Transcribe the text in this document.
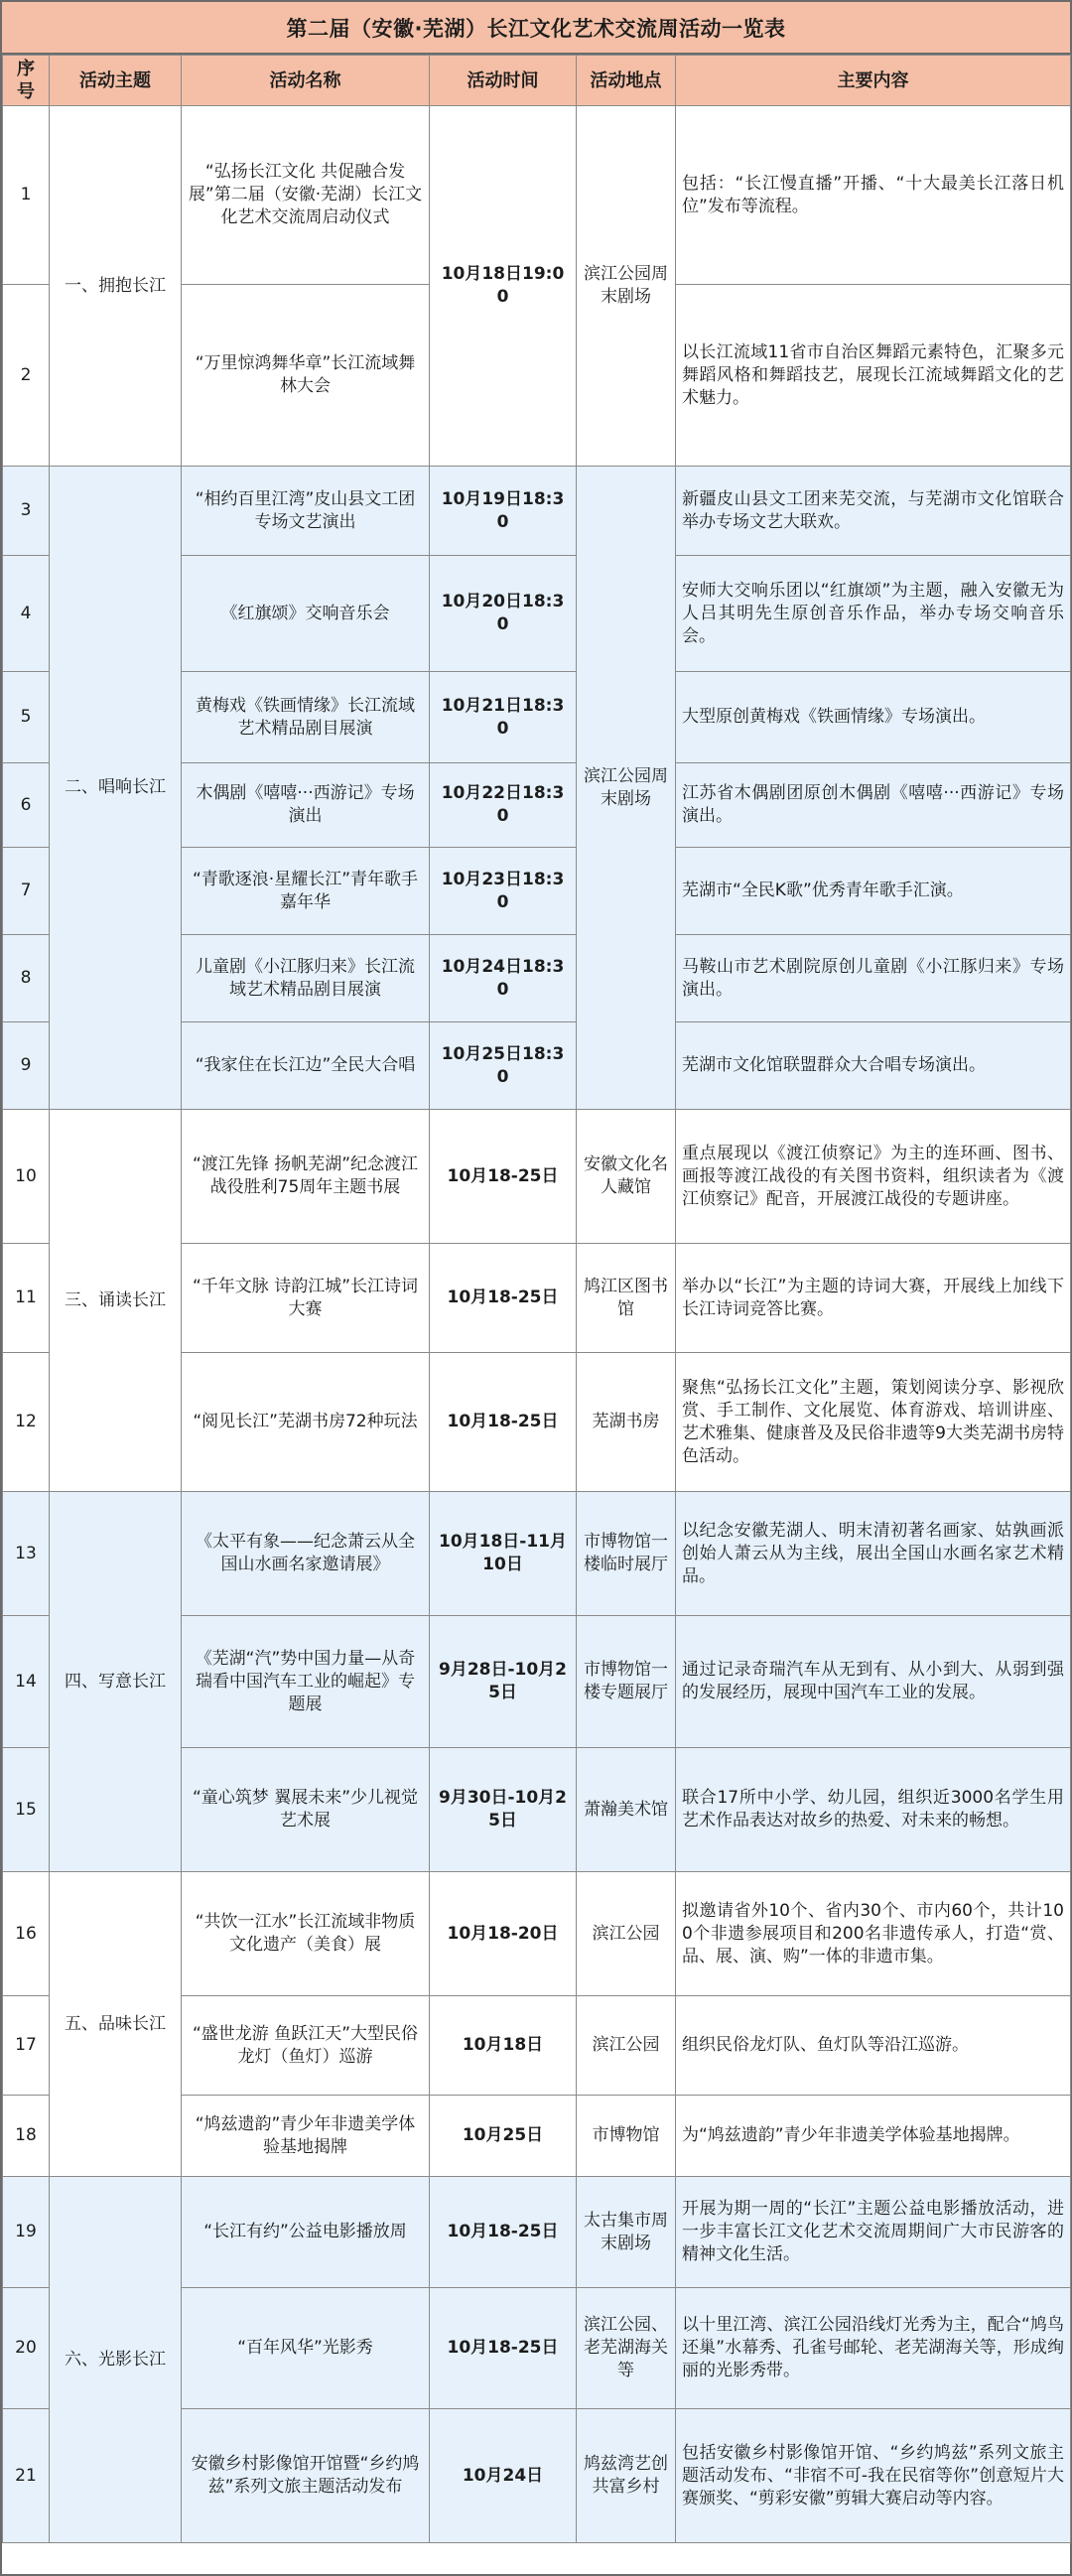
第二届（安徽·芜湖）长江文化艺术交流周活动一览表
序号	活动主题	活动名称	活动时间	活动地点	主要内容
1	一、拥抱长江	“弘扬长江文化 共促融合发展”第二届（安徽·芜湖）长江文化艺术交流周启动仪式	10月18日19:00	滨江公园周末剧场	包括：“长江慢直播”开播、“十大最美长江落日机位”发布等流程。
2		“万里惊鸿舞华章”长江流域舞林大会			以长江流域11省市自治区舞蹈元素特色，汇聚多元舞蹈风格和舞蹈技艺，展现长江流域舞蹈文化的艺术魅力。
3	二、唱响长江	“相约百里江湾”皮山县文工团专场文艺演出	10月19日18:30	滨江公园周末剧场	新疆皮山县文工团来芜交流，与芜湖市文化馆联合举办专场文艺大联欢。
4		《红旗颂》交响音乐会	10月20日18:30		安师大交响乐团以“红旗颂”为主题，融入安徽无为人吕其明先生原创音乐作品，举办专场交响音乐会。
5		黄梅戏《铁画情缘》长江流域艺术精品剧目展演	10月21日18:30		大型原创黄梅戏《铁画情缘》专场演出。
6		木偶剧《嘻嘻···西游记》专场演出	10月22日18:30		江苏省木偶剧团原创木偶剧《嘻嘻···西游记》专场演出。
7		“青歌逐浪·星耀长江”青年歌手嘉年华	10月23日18:30		芜湖市“全民K歌”优秀青年歌手汇演。
8		儿童剧《小江豚归来》长江流域艺术精品剧目展演	10月24日18:30		马鞍山市艺术剧院原创儿童剧《小江豚归来》专场演出。
9		“我家住在长江边”全民大合唱	10月25日18:30		芜湖市文化馆联盟群众大合唱专场演出。
10	三、诵读长江	“渡江先锋 扬帆芜湖”纪念渡江战役胜利75周年主题书展	10月18-25日	安徽文化名人藏馆	重点展现以《渡江侦察记》为主的连环画、图书、画报等渡江战役的有关图书资料，组织读者为《渡江侦察记》配音，开展渡江战役的专题讲座。
11		“千年文脉 诗韵江城”长江诗词大赛	10月18-25日	鸠江区图书馆	举办以“长江”为主题的诗词大赛，开展线上加线下长江诗词竞答比赛。
12		“阅见长江”芜湖书房72种玩法	10月18-25日	芜湖书房	聚焦“弘扬长江文化”主题，策划阅读分享、影视欣赏、手工制作、文化展览、体育游戏、培训讲座、艺术雅集、健康普及及民俗非遗等9大类芜湖书房特色活动。
13	四、写意长江	《太平有象——纪念萧云从全国山水画名家邀请展》	10月18日-11月10日	市博物馆一楼临时展厅	以纪念安徽芜湖人、明末清初著名画家、姑孰画派创始人萧云从为主线，展出全国山水画名家艺术精品。
14		《芜湖“汽”势中国力量—从奇瑞看中国汽车工业的崛起》专题展	9月28日-10月25日	市博物馆一楼专题展厅	通过记录奇瑞汽车从无到有、从小到大、从弱到强的发展经历，展现中国汽车工业的发展。
15		“童心筑梦 翼展未来”少儿视觉艺术展	9月30日-10月25日	萧瀚美术馆	联合17所中小学、幼儿园，组织近3000名学生用艺术作品表达对故乡的热爱、对未来的畅想。
16	五、品味长江	“共饮一江水”长江流域非物质文化遗产（美食）展	10月18-20日	滨江公园	拟邀请省外10个、省内30个、市内60个，共计100个非遗参展项目和200名非遗传承人，打造“赏、品、展、演、购”一体的非遗市集。
17		“盛世龙游 鱼跃江天”大型民俗龙灯（鱼灯）巡游	10月18日	滨江公园	组织民俗龙灯队、鱼灯队等沿江巡游。
18		“鸠兹遗韵”青少年非遗美学体验基地揭牌	10月25日	市博物馆	为“鸠兹遗韵”青少年非遗美学体验基地揭牌。
19	六、光影长江	“长江有约”公益电影播放周	10月18-25日	太古集市周末剧场	开展为期一周的“长江”主题公益电影播放活动，进一步丰富长江文化艺术交流周期间广大市民游客的精神文化生活。
20		“百年风华”光影秀	10月18-25日	滨江公园、老芜湖海关等	以十里江湾、滨江公园沿线灯光秀为主，配合“鸠鸟还巢”水幕秀、孔雀号邮轮、老芜湖海关等，形成绚丽的光影秀带。
21		安徽乡村影像馆开馆暨“乡约鸠兹”系列文旅主题活动发布	10月24日	鸠兹湾艺创共富乡村	包括安徽乡村影像馆开馆、“乡约鸠兹”系列文旅主题活动发布、“非宿不可-我在民宿等你”创意短片大赛颁奖、“剪彩安徽”剪辑大赛启动等内容。
